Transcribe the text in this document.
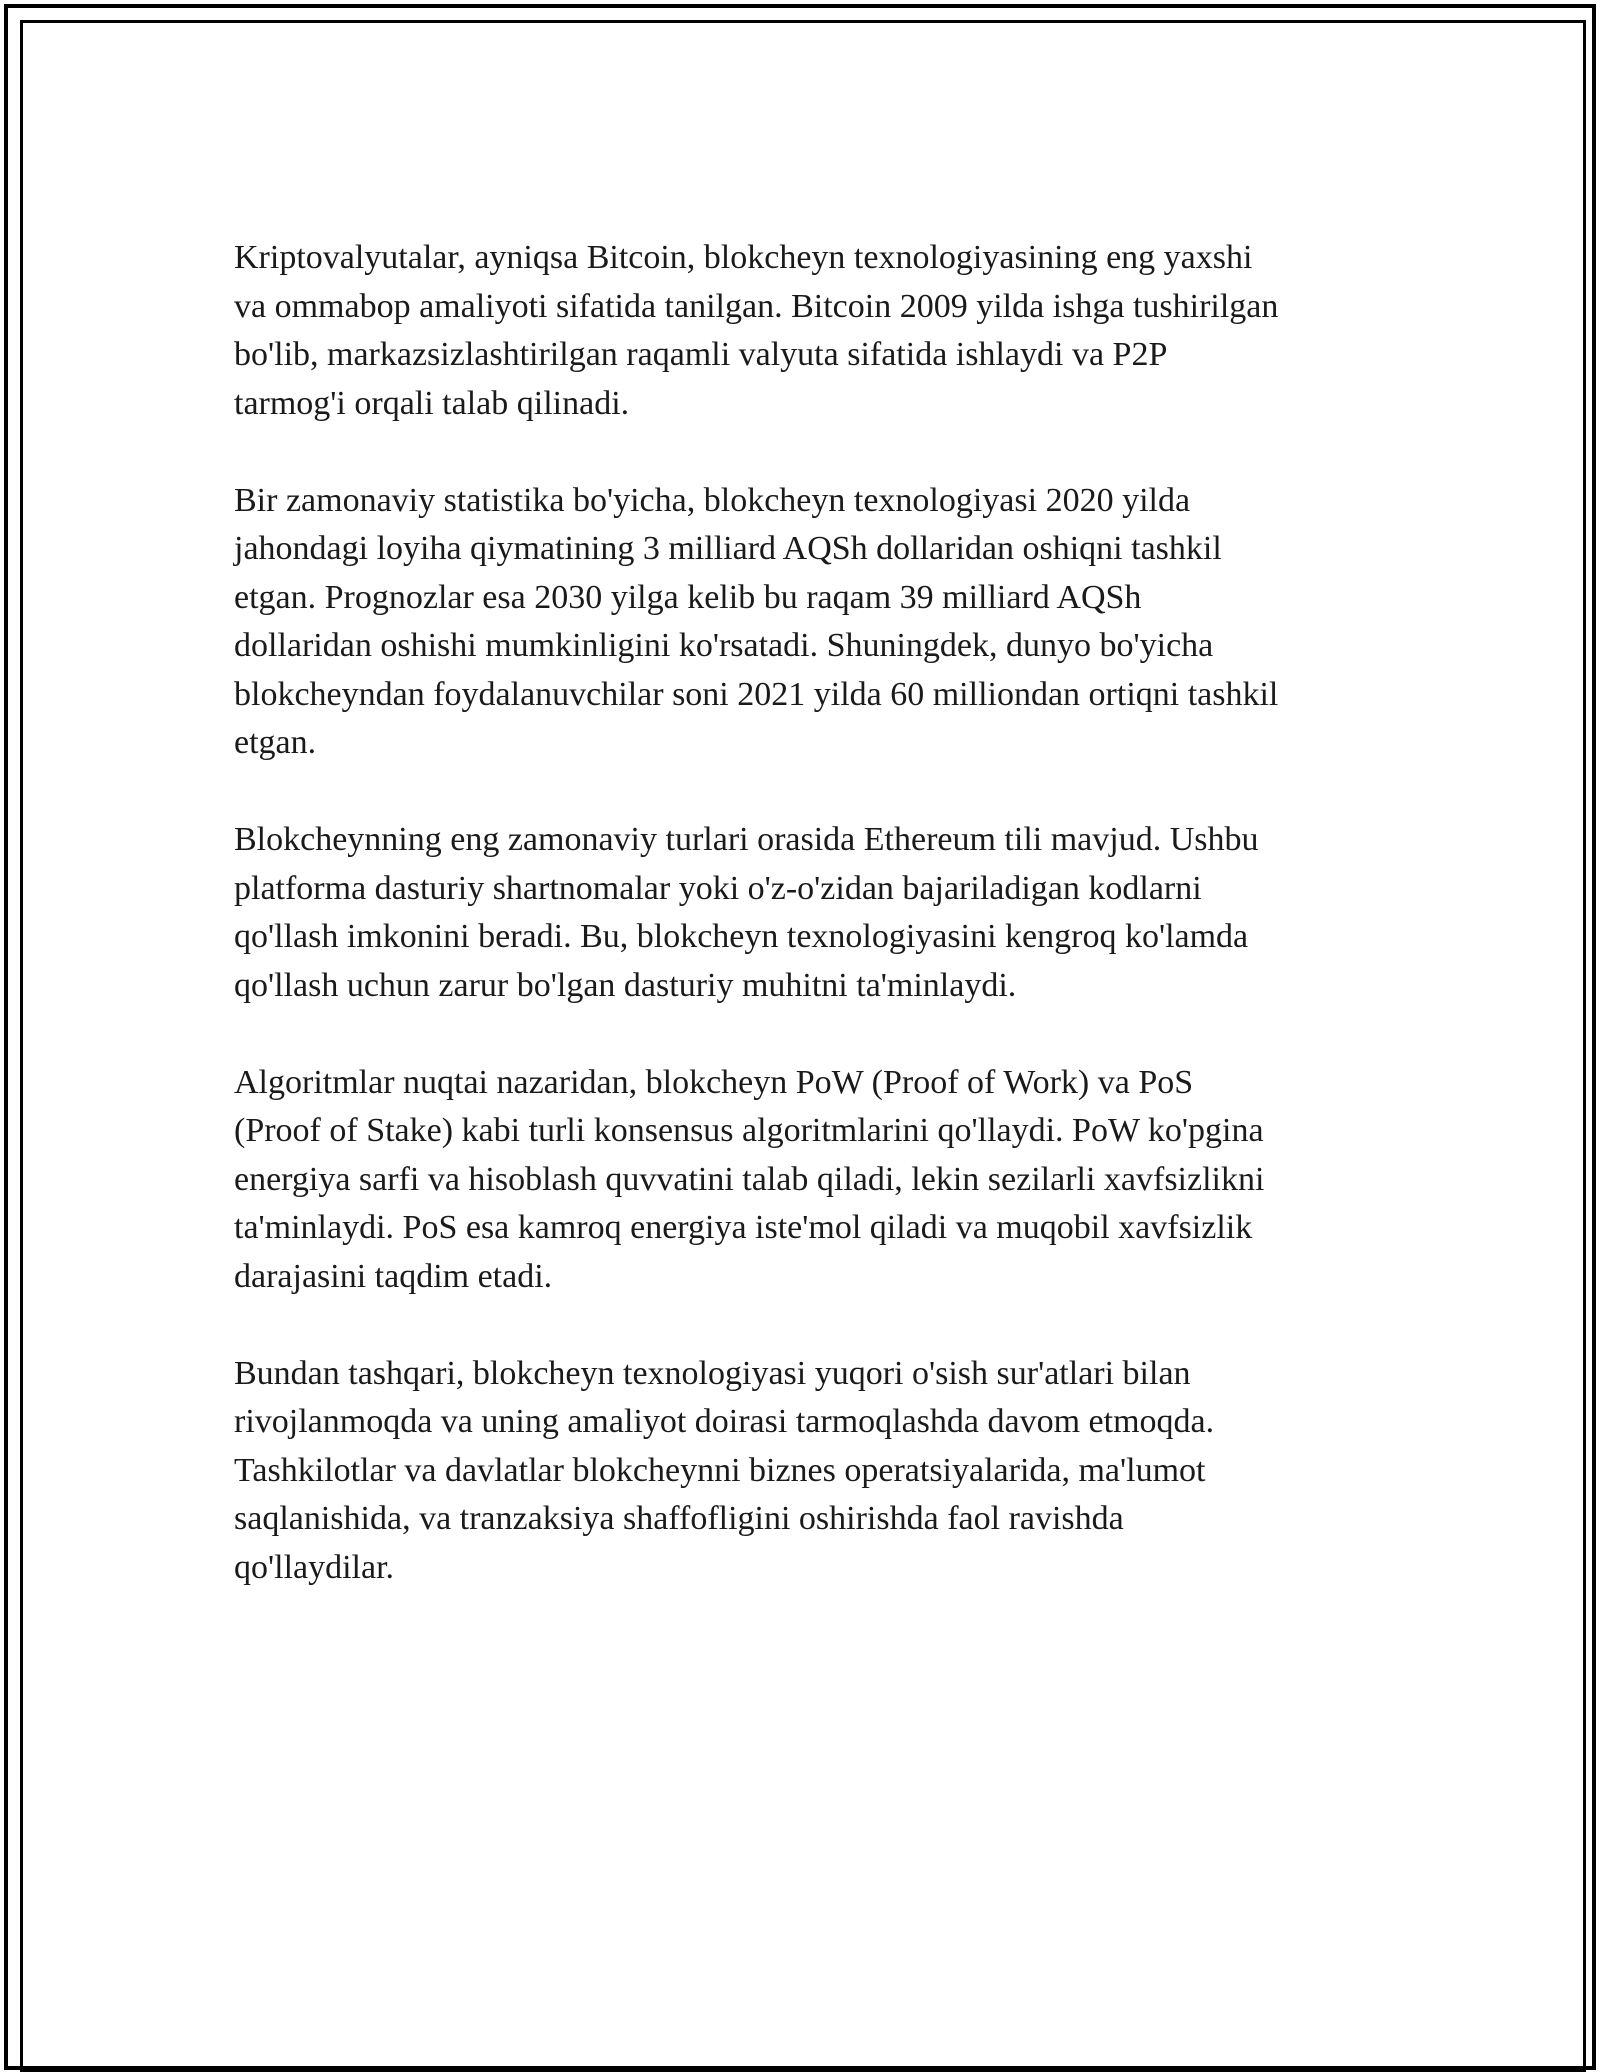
Kriptovalyutalar, ayniqsa Bitcoin, blokcheyn texnologiyasining eng yaxshi
va ommabop amaliyoti sifatida tanilgan. Bitcoin 2009 yilda ishga tushirilgan
bo'lib, markazsizlashtirilgan raqamli valyuta sifatida ishlaydi va P2P
tarmog'i orqali talab qilinadi.

Bir zamonaviy statistika bo'yicha, blokcheyn texnologiyasi 2020 yilda
jahondagi loyiha qiymatining 3 milliard AQSh dollaridan oshiqni tashkil
etgan. Prognozlar esa 2030 yilga kelib bu raqam 39 milliard AQSh
dollaridan oshishi mumkinligini ko'rsatadi. Shuningdek, dunyo bo'yicha
blokcheyndan foydalanuvchilar soni 2021 yilda 60 milliondan ortiqni tashkil
etgan.

Blokcheynning eng zamonaviy turlari orasida Ethereum tili mavjud. Ushbu
platforma dasturiy shartnomalar yoki o'z-o'zidan bajariladigan kodlarni
qo'llash imkonini beradi. Bu, blokcheyn texnologiyasini kengroq ko'lamda
qo'llash uchun zarur bo'lgan dasturiy muhitni ta'minlaydi.

Algoritmlar nuqtai nazaridan, blokcheyn PoW (Proof of Work) va PoS
(Proof of Stake) kabi turli konsensus algoritmlarini qo'llaydi. PoW ko'pgina
energiya sarfi va hisoblash quvvatini talab qiladi, lekin sezilarli xavfsizlikni
ta'minlaydi. PoS esa kamroq energiya iste'mol qiladi va muqobil xavfsizlik
darajasini taqdim etadi.

Bundan tashqari, blokcheyn texnologiyasi yuqori o'sish sur'atlari bilan
rivojlanmoqda va uning amaliyot doirasi tarmoqlashda davom etmoqda.
Tashkilotlar va davlatlar blokcheynni biznes operatsiyalarida, ma'lumot
saqlanishida, va tranzaksiya shaffofligini oshirishda faol ravishda
qo'llaydilar.
